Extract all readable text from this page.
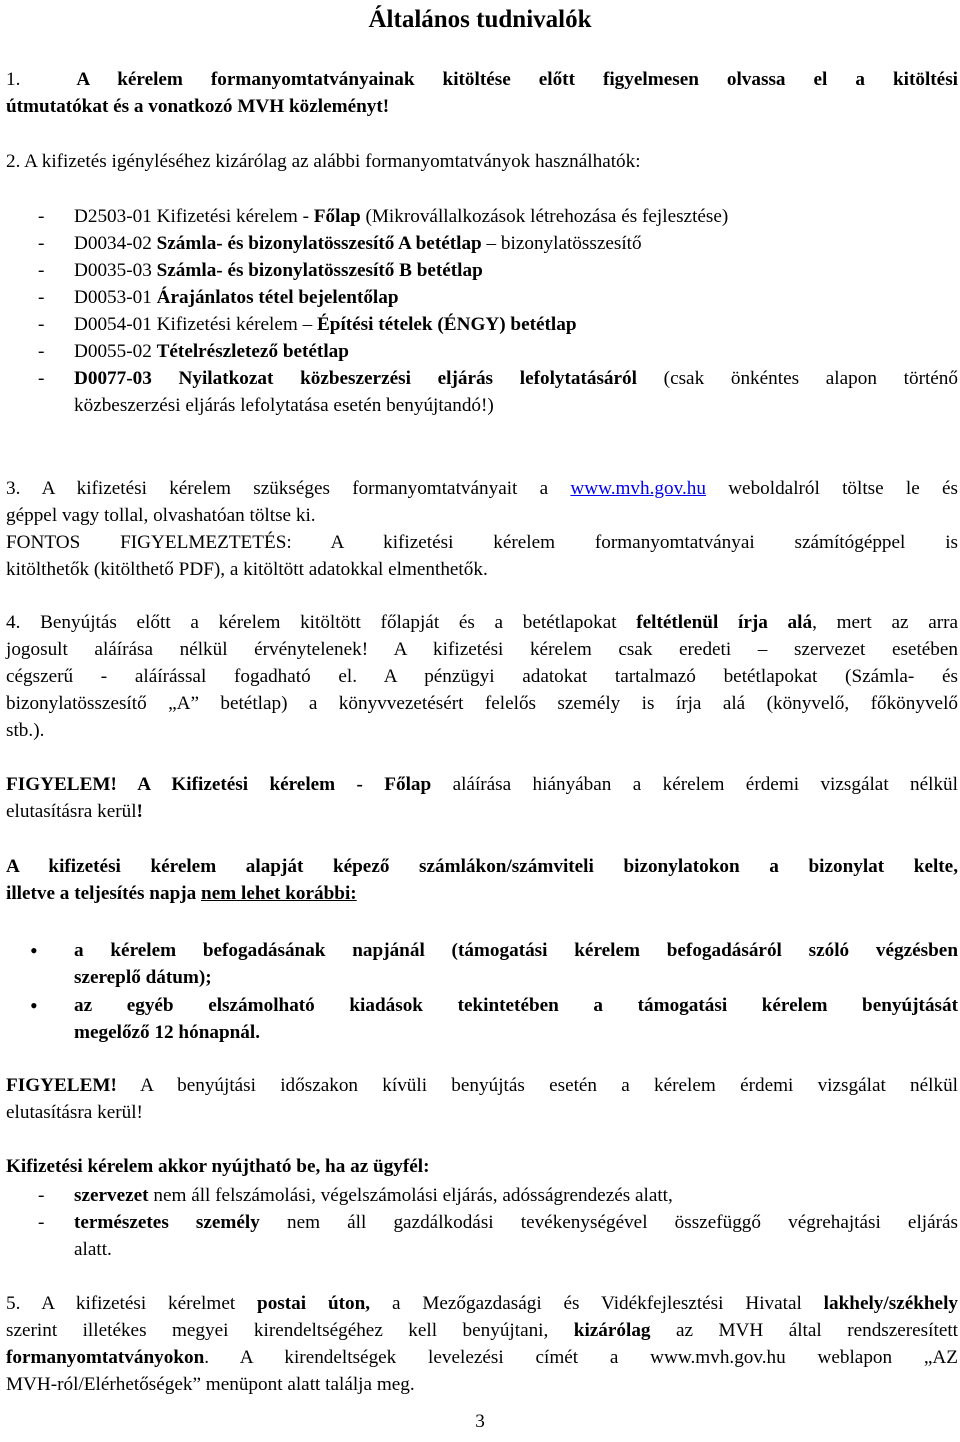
Általános tudnivalók
1.	A kérelem formanyomtatványainak kitöltése előtt figyelmesen olvassa el a kitöltési
útmutatókat és a vonatkozó MVH közleményt!
2. A kifizetés igényléséhez kizárólag az alábbi formanyomtatványok használhatók:
- D2503-01 Kifizetési kérelem - Főlap (Mikrovállalkozások létrehozása és fejlesztése)
- D0034-02 Számla- és bizonylatösszesítő A betétlap – bizonylatösszesítő
- D0035-03 Számla- és bizonylatösszesítő B betétlap
- D0053-01 Árajánlatos tétel bejelentőlap
- D0054-01 Kifizetési kérelem – Építési tételek (ÉNGY) betétlap
- D0055-02 Tételrészletező betétlap
- D0077-03 Nyilatkozat közbeszerzési eljárás lefolytatásáról (csak önkéntes alapon történő
közbeszerzési eljárás lefolytatása esetén benyújtandó!)
3. A kifizetési kérelem szükséges formanyomtatványait a www.mvh.gov.hu weboldalról töltse le és
géppel vagy tollal, olvashatóan töltse ki.
FONTOS FIGYELMEZTETÉS: A kifizetési kérelem formanyomtatványai számítógéppel is
kitölthetők (kitölthető PDF), a kitöltött adatokkal elmenthetők.
4. Benyújtás előtt a kérelem kitöltött főlapját és a betétlapokat feltétlenül írja alá, mert az arra
jogosult aláírása nélkül érvénytelenek! A kifizetési kérelem csak eredeti – szervezet esetében
cégszerű - aláírással fogadható el. A pénzügyi adatokat tartalmazó betétlapokat (Számla- és
bizonylatösszesítő „A” betétlap) a könyvvezetésért felelős személy is írja alá (könyvelő, főkönyvelő
stb.).
FIGYELEM! A Kifizetési kérelem - Főlap aláírása hiányában a kérelem érdemi vizsgálat nélkül
elutasításra kerül!
A kifizetési kérelem alapját képező számlákon/számviteli bizonylatokon a bizonylat kelte,
illetve a teljesítés napja nem lehet korábbi:
• a kérelem befogadásának napjánál (támogatási kérelem befogadásáról szóló végzésben
szereplő dátum);
• az egyéb elszámolható kiadások tekintetében a támogatási kérelem benyújtását
megelőző 12 hónapnál.
FIGYELEM! A benyújtási időszakon kívüli benyújtás esetén a kérelem érdemi vizsgálat nélkül
elutasításra kerül!
Kifizetési kérelem akkor nyújtható be, ha az ügyfél:
- szervezet nem áll felszámolási, végelszámolási eljárás, adósságrendezés alatt,
- természetes személy nem áll gazdálkodási tevékenységével összefüggő végrehajtási eljárás
alatt.
5. A kifizetési kérelmet postai úton, a Mezőgazdasági és Vidékfejlesztési Hivatal lakhely/székhely
szerint illetékes megyei kirendeltségéhez kell benyújtani, kizárólag az MVH által rendszeresített
formanyomtatványokon. A kirendeltségek levelezési címét a www.mvh.gov.hu weblapon „AZ
MVH-ról/Elérhetőségek” menüpont alatt találja meg.
3
